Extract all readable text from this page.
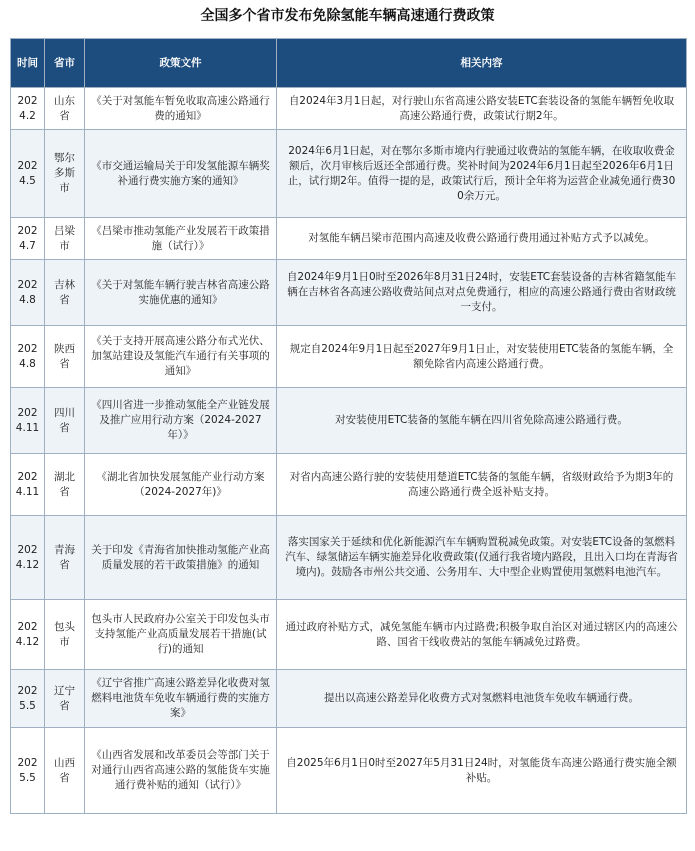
全国多个省市发布免除氢能车辆高速通行费政策
时间	省市	政策文件	相关内容
2024.2	山东省	《关于对氢能车暂免收取高速公路通行费的通知》	自2024年3月1日起，对行驶山东省高速公路安装ETC套装设备的氢能车辆暂免收取高速公路通行费，政策试行期2年。
2024.5	鄂尔多斯市	《市交通运输局关于印发氢能源车辆奖补通行费实施方案的通知》	2024年6月1日起，对在鄂尔多斯市境内行驶通过收费站的氢能车辆，在收取收费金额后，次月审核后返还全部通行费。奖补时间为2024年6月1日起至2026年6月1日止，试行期2年。值得一提的是，政策试行后，预计全年将为运营企业减免通行费300余万元。
2024.7	吕梁市	《吕梁市推动氢能产业发展若干政策措施（试行）》	对氢能车辆吕梁市范围内高速及收费公路通行费用通过补贴方式予以减免。
2024.8	吉林省	《关于对氢能车辆行驶吉林省高速公路实施优惠的通知》	自2024年9月1日0时至2026年8月31日24时，安装ETC套装设备的吉林省籍氢能车辆在吉林省各高速公路收费站间点对点免费通行，相应的高速公路通行费由省财政统一支付。
2024.8	陕西省	《关于支持开展高速公路分布式光伏、加氢站建设及氢能汽车通行有关事项的通知》	规定自2024年9月1日起至2027年9月1日止，对安装使用ETC装备的氢能车辆，全额免除省内高速公路通行费。
2024.11	四川省	《四川省进一步推动氢能全产业链发展及推广应用行动方案（2024-2027年）》	对安装使用ETC装备的氢能车辆在四川省免除高速公路通行费。
2024.11	湖北省	《湖北省加快发展氢能产业行动方案（2024-2027年)》	对省内高速公路行驶的安装使用楚道ETC装备的氢能车辆，省级财政给予为期3年的高速公路通行费全返补贴支持。
2024.12	青海省	关于印发《青海省加快推动氢能产业高质量发展的若干政策措施》的通知	落实国家关于延续和优化新能源汽车车辆购置税减免政策。对安装ETC设备的氢燃料汽车、绿氢储运车辆实施差异化收费政策(仅通行我省境内路段，且出入口均在青海省境内)。鼓励各市州公共交通、公务用车、大中型企业购置使用氢燃料电池汽车。
2024.12	包头市	包头市人民政府办公室关于印发包头市支持氢能产业高质量发展若干措施(试行)的通知	通过政府补贴方式，减免氢能车辆市内过路费;积极争取自治区对通过辖区内的高速公路、国省干线收费站的氢能车辆减免过路费。
2025.5	辽宁省	《辽宁省推广高速公路差异化收费对氢燃料电池货车免收车辆通行费的实施方案》	提出以高速公路差异化收费方式对氢燃料电池货车免收车辆通行费。
2025.5	山西省	《山西省发展和改革委员会等部门关于对通行山西省高速公路的氢能货车实施通行费补贴的通知（试行）》	自2025年6月1日0时至2027年5月31日24时，对氢能货车高速公路通行费实施全额补贴。
